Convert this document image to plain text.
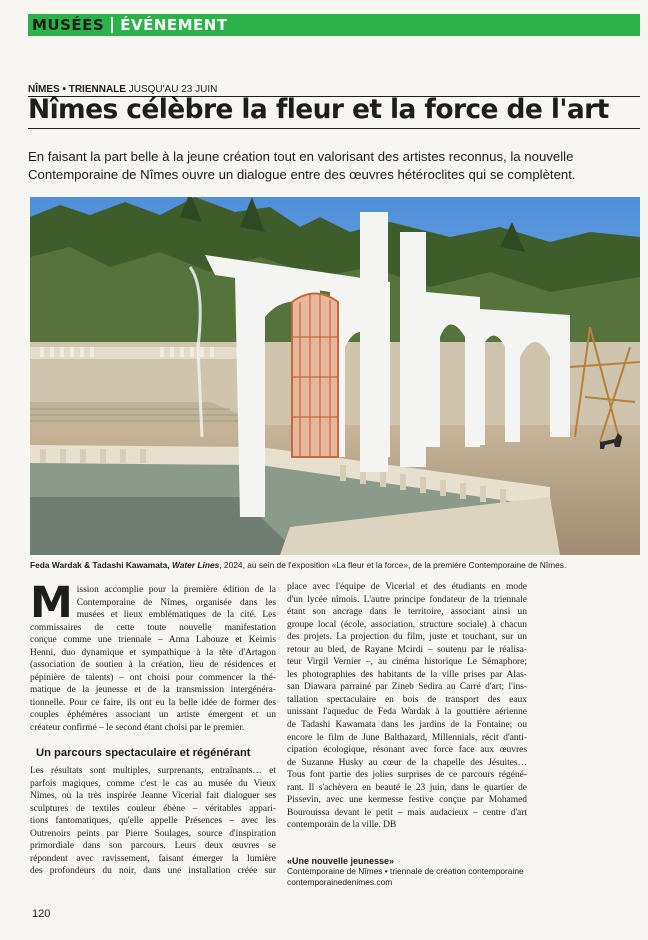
MUSÉES ÉVÉNEMENT
NÎMES • TRIENNALE JUSQU'AU 23 JUIN
Nîmes célèbre la fleur et la force de l'art
En faisant la part belle à la jeune création tout en valorisant des artistes reconnus, la nouvelle Contemporaine de Nîmes ouvre un dialogue entre des œuvres hétéroclites qui se complètent.
Feda Wardak & Tadashi Kawamata, Water Lines, 2024, au sein de l'exposition «La fleur et la force», de la première Contemporaine de Nîmes.
M ission accomplie pour la première édition de la
Contemporaine de Nîmes, organisée dans les
musées et lieux emblématiques de la cité. Les
commissaires de cette toute nouvelle manifestation
conçue comme une triennale – Anna Labouze et Keimis
Henni, duo dynamique et sympathique à la tête d'Artagon
(association de soutien à la création, lieu de résidences et
pépinière de talents) – ont choisi pour commencer la thé-
matique de la jeunesse et de la transmission intergénéra-
tionnelle. Pour ce faire, ils ont eu la belle idée de former des
couples éphémères associant un artiste émergent et un
créateur confirmé – le second étant choisi par le premier.

Un parcours spectaculaire et régénérant

Les résultats sont multiples, surprenants, entraînants… et
parfois magiques, comme c'est le cas au musée du Vieux
Nîmes, où la très inspirée Jeanne Vicerial fait dialoguer ses
sculptures de textiles couleur ébène – véritables appari-
tions fantomatiques, qu'elle appelle Présences – avec les
Outrenoirs peints par Pierre Soulages, source d'inspiration
primordiale dans son parcours. Leurs deux œuvres se
répondent avec ravissement, faisant émerger la lumière
des profondeurs du noir, dans une installation créée sur

place avec l'équipe de Vicerial et des étudiants en mode
d'un lycée nîmois. L'autre principe fondateur de la triennale
étant son ancrage dans le territoire, associant ainsi un
groupe local (école, association, structure sociale) à chacun
des projets. La projection du film, juste et touchant, sur un
retour au bled, de Rayane Mcirdi – soutenu par le réalisa-
teur Virgil Vernier –, au cinéma historique Le Sémaphore;
les photographies des habitants de la ville prises par Alas-
san Diawara parrainé par Zineb Sedira au Carré d'art; l'ins-
tallation spectaculaire en bois de transport des eaux
unissant l'aqueduc de Feda Wardak à la gouttière aérienne
de Tadashi Kawamata dans les jardins de la Fontaine; ou
encore le film de June Balthazard, Millennials, récit d'anti-
cipation écologique, résonant avec force face aux œuvres
de Suzanne Husky au cœur de la chapelle des Jésuites…
Tous font partie des jolies surprises de ce parcours régéné-
rant. Il s'achèvera en beauté le 23 juin, dans le quartier de
Pissevin, avec une kermesse festive conçue par Mohamed
Bourouissa devant le petit – mais audacieux – centre d'art
contemporain de la ville. DB

«Une nouvelle jeunesse»
Contemporaine de Nîmes • triennale de création contemporaine
contemporainedenimes.com
120
